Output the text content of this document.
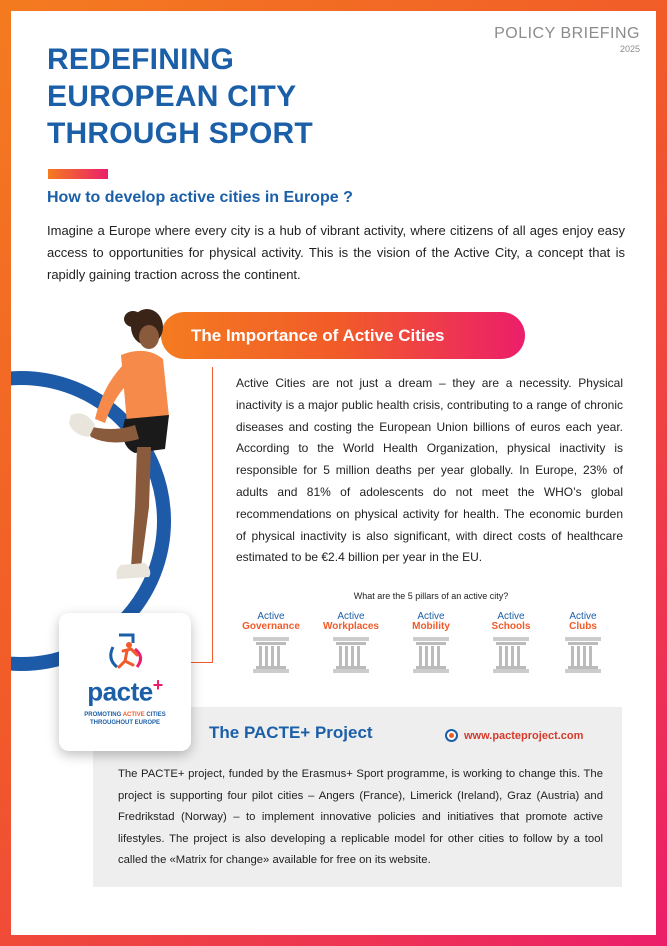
POLICY BRIEFING
2025
REDEFINING
EUROPEAN CITY
THROUGH SPORT
How to develop active cities in Europe ?

Imagine a Europe where every city is a hub of vibrant activity, where citizens of all ages enjoy easy access to opportunities for physical activity. This is the vision of the Active City, a concept that is rapidly gaining traction across the continent.

The Importance of Active Cities

Active Cities are not just a dream – they are a necessity. Physical inactivity is a major public health crisis, contributing to a range of chronic diseases and costing the European Union billions of euros each year. According to the World Health Organization, physical inactivity is responsible for 5 million deaths per year globally. In Europe, 23% of adults and 81% of adolescents do not meet the WHO’s global recommendations on physical activity for health. The economic burden of physical inactivity is also significant, with direct costs of healthcare estimated to be €2.4 billion per year in the EU.

What are the 5 pillars of an active city?
Active
Governance
Active
Workplaces
Active
Mobility
Active
Schools
Active
Clubs
The PACTE+ Project	www.pacteproject.com

The PACTE+ project, funded by the Erasmus+ Sport programme, is working to change this. The project is supporting four pilot cities – Angers (France), Limerick (Ireland), Graz (Austria) and Fredrikstad (Norway) – to implement innovative policies and initiatives that promote active lifestyles. The project is also developing a replicable model for other cities to follow by a tool called the «Matrix for change» available for free on its website.

pacte+
PROMOTING ACTIVE CITIES
THROUGHOUT EUROPE
